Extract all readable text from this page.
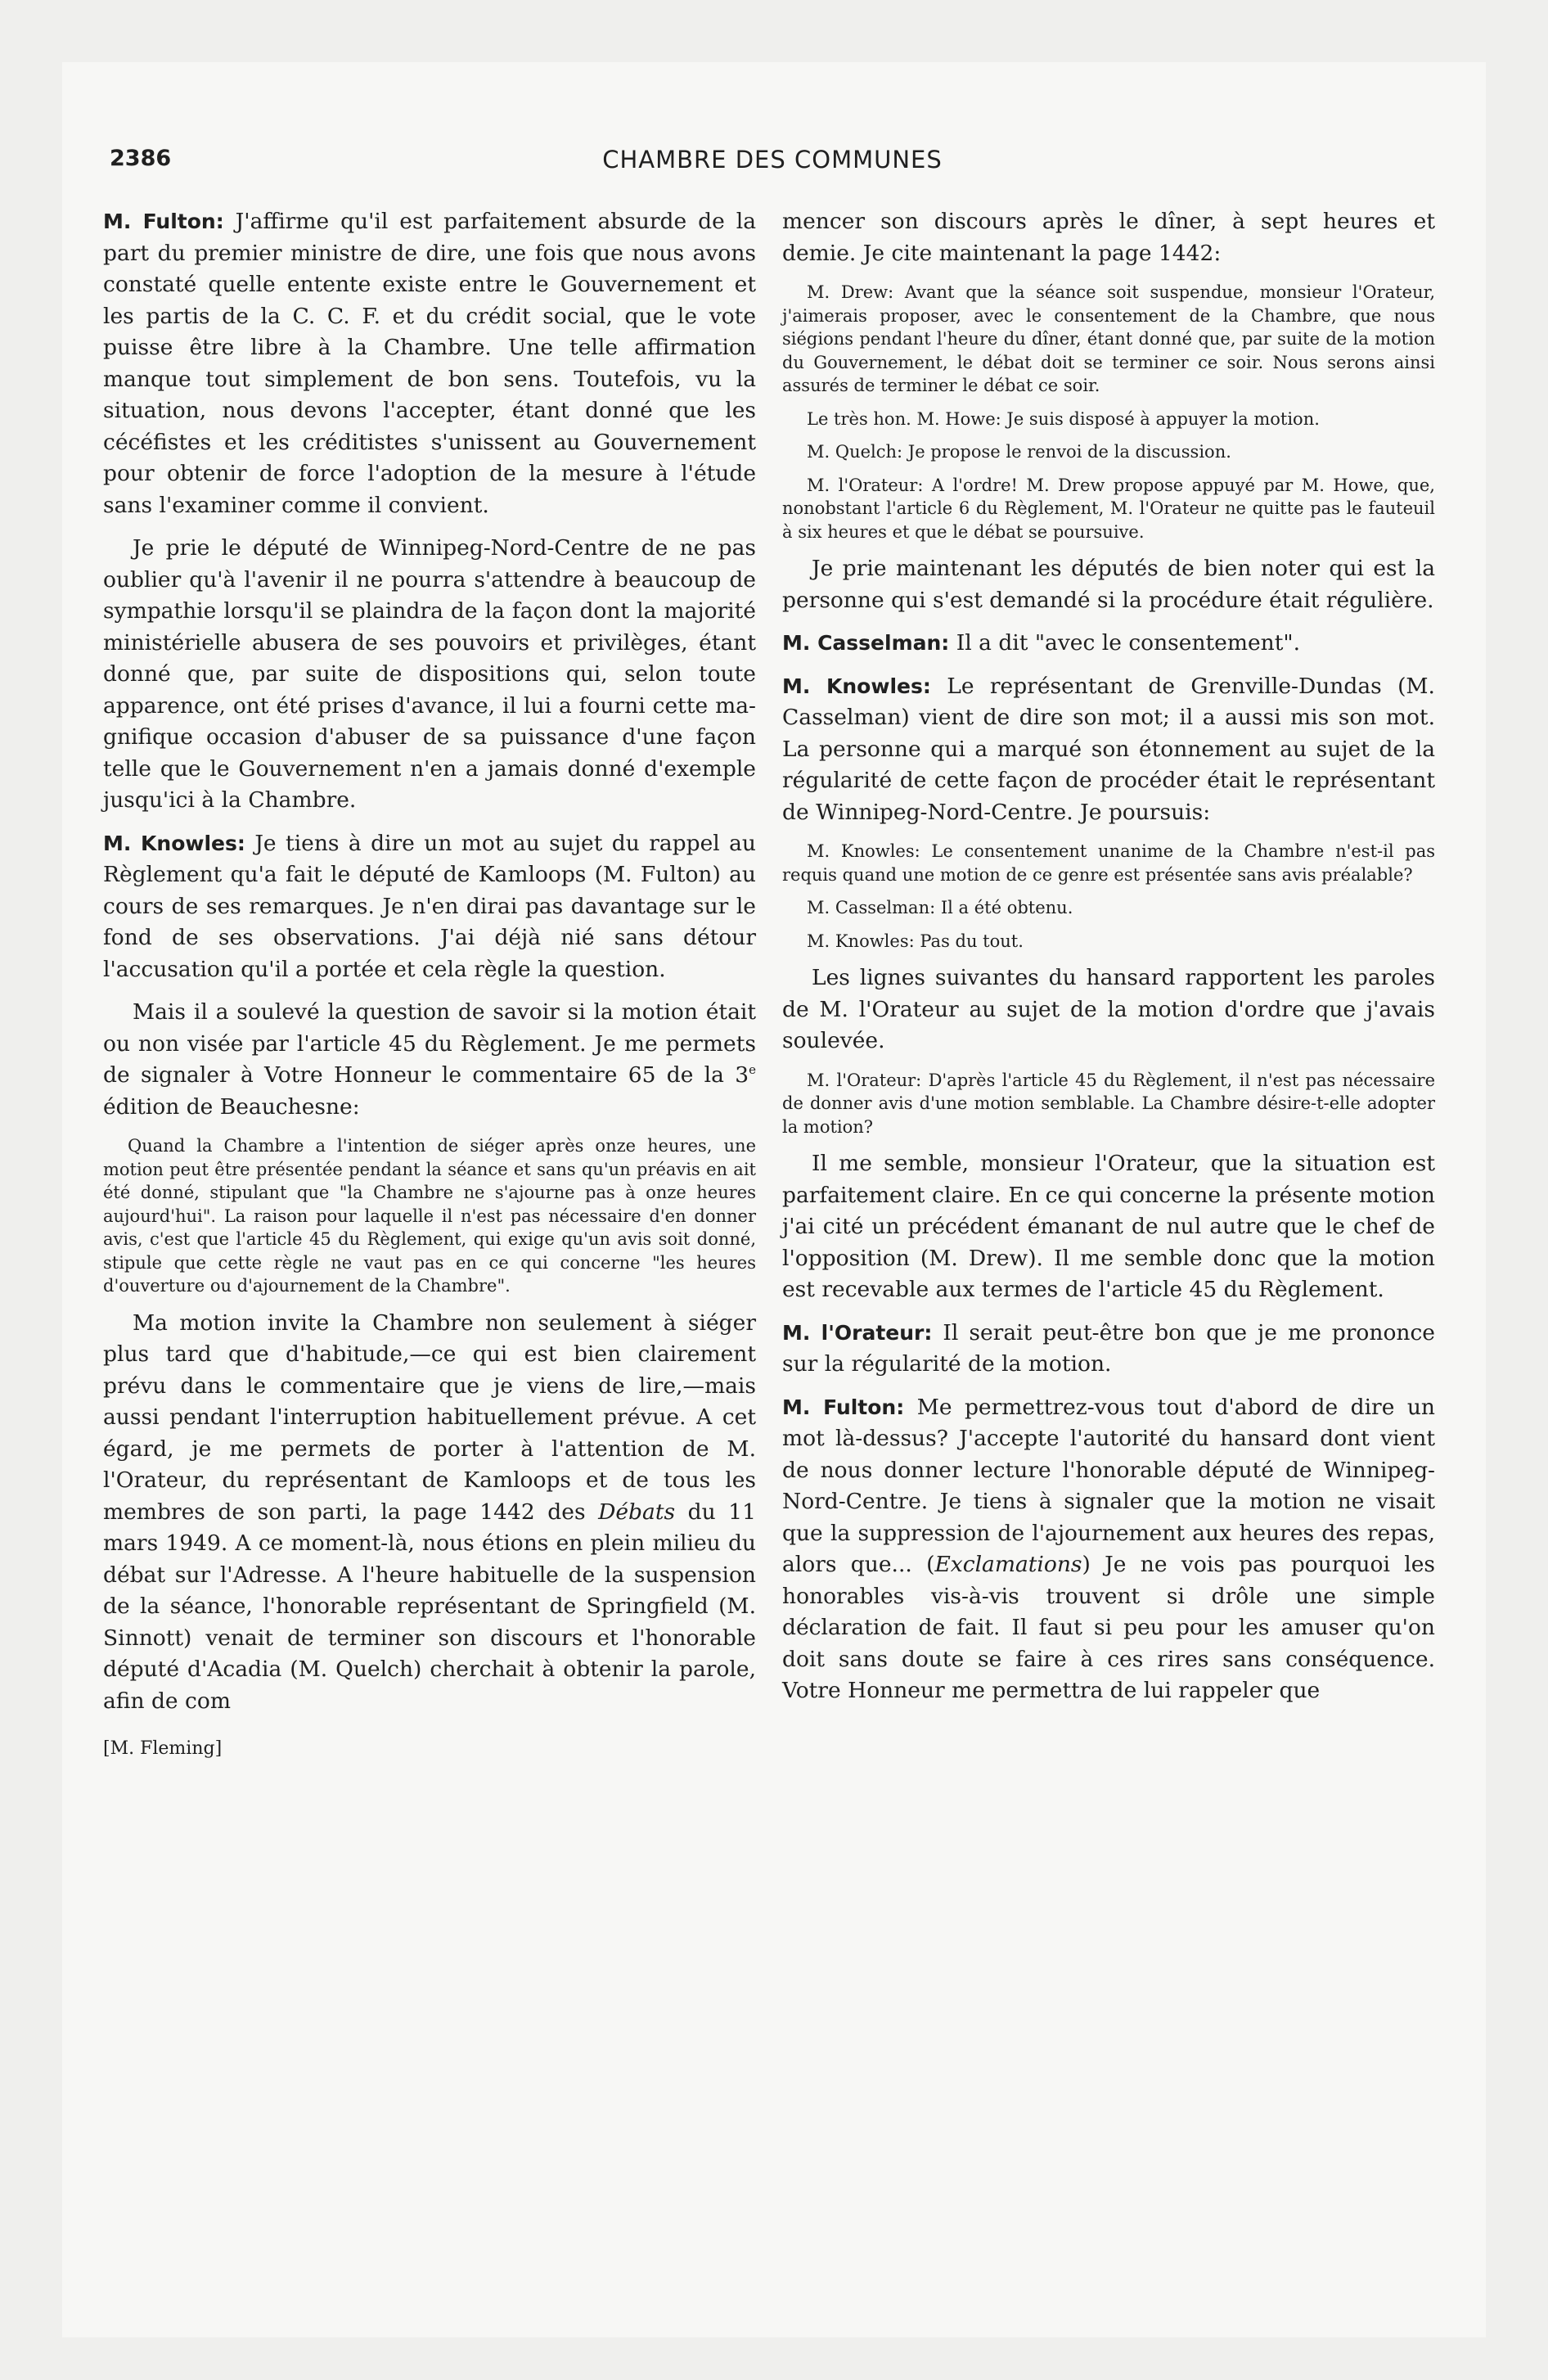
2386	CHAMBRE DES COMMUNES

M. Fulton: J'affirme qu'il est parfaitement absurde de la part du premier ministre de dire, une fois que nous avons constaté quelle entente existe entre le Gouvernement et les partis de la C. C. F. et du crédit social, que le vote puisse être libre à la Chambre. Une telle affirmation manque tout simplement de bon sens. Toutefois, vu la situation, nous devons l'accepter, étant donné que les cécéfistes et les créditistes s'unissent au Gouvernement pour obtenir de force l'adoption de la mesure à l'étude sans l'examiner comme il convient.

Je prie le député de Winnipeg-Nord-Centre de ne pas oublier qu'à l'avenir il ne pourra s'attendre à beaucoup de sympathie lorsqu'il se plaindra de la façon dont la majorité ministérielle abusera de ses pouvoirs et privilèges, étant donné que, par suite de dispositions qui, selon toute apparence, ont été prises d'avance, il lui a fourni cette magnifique occasion d'abuser de sa puissance d'une façon telle que le Gouvernement n'en a jamais donné d'exemple jusqu'ici à la Chambre.

M. Knowles: Je tiens à dire un mot au sujet du rappel au Règlement qu'a fait le député de Kamloops (M. Fulton) au cours de ses remarques. Je n'en dirai pas davantage sur le fond de ses observations. J'ai déjà nié sans détour l'accusation qu'il a portée et cela règle la question.

Mais il a soulevé la question de savoir si la motion était ou non visée par l'article 45 du Règlement. Je me permets de signaler à Votre Honneur le commentaire 65 de la 3e édition de Beauchesne:

Quand la Chambre a l'intention de siéger après onze heures, une motion peut être présentée pendant la séance et sans qu'un préavis en ait été donné, stipulant que "la Chambre ne s'ajourne pas à onze heures aujourd'hui". La raison pour laquelle il n'est pas nécessaire d'en donner avis, c'est que l'article 45 du Règlement, qui exige qu'un avis soit donné, stipule que cette règle ne vaut pas en ce qui concerne "les heures d'ouverture ou d'ajournement de la Chambre".

Ma motion invite la Chambre non seulement à siéger plus tard que d'habitude,—ce qui est bien clairement prévu dans le commentaire que je viens de lire,—mais aussi pendant l'interruption habituellement prévue. A cet égard, je me permets de porter à l'attention de M. l'Orateur, du représentant de Kamloops et de tous les membres de son parti, la page 1442 des Débats du 11 mars 1949. A ce moment-là, nous étions en plein milieu du débat sur l'Adresse. A l'heure habituelle de la suspension de la séance, l'honorable représentant de Springfield (M. Sinnott) venait de terminer son discours et l'honorable député d'Acadia (M. Quelch) cherchait à obtenir la parole, afin de com

[M. Fleming]

mencer son discours après le dîner, à sept heures et demie. Je cite maintenant la page 1442:

M. Drew: Avant que la séance soit suspendue, monsieur l'Orateur, j'aimerais proposer, avec le consentement de la Chambre, que nous siégions pendant l'heure du dîner, étant donné que, par suite de la motion du Gouvernement, le débat doit se terminer ce soir. Nous serons ainsi assurés de terminer le débat ce soir.
Le très hon. M. Howe: Je suis disposé à appuyer la motion.
M. Quelch: Je propose le renvoi de la discussion.
M. l'Orateur: A l'ordre! M. Drew propose appuyé par M. Howe, que, nonobstant l'article 6 du Règlement, M. l'Orateur ne quitte pas le fauteuil à six heures et que le débat se poursuive.

Je prie maintenant les députés de bien noter qui est la personne qui s'est demandé si la procédure était régulière.

M. Casselman: Il a dit "avec le consentement".

M. Knowles: Le représentant de Grenville-Dundas (M. Casselman) vient de dire son mot; il a aussi mis son mot. La personne qui a marqué son étonnement au sujet de la régularité de cette façon de procéder était le représentant de Winnipeg-Nord-Centre. Je poursuis:

M. Knowles: Le consentement unanime de la Chambre n'est-il pas requis quand une motion de ce genre est présentée sans avis préalable?
M. Casselman: Il a été obtenu.
M. Knowles: Pas du tout.

Les lignes suivantes du hansard rapportent les paroles de M. l'Orateur au sujet de la motion d'ordre que j'avais soulevée.

M. l'Orateur: D'après l'article 45 du Règlement, il n'est pas nécessaire de donner avis d'une motion semblable. La Chambre désire-t-elle adopter la motion?

Il me semble, monsieur l'Orateur, que la situation est parfaitement claire. En ce qui concerne la présente motion j'ai cité un précédent émanant de nul autre que le chef de l'opposition (M. Drew). Il me semble donc que la motion est recevable aux termes de l'article 45 du Règlement.

M. l'Orateur: Il serait peut-être bon que je me prononce sur la régularité de la motion.

M. Fulton: Me permettrez-vous tout d'abord de dire un mot là-dessus? J'accepte l'autorité du hansard dont vient de nous donner lecture l'honorable député de Winnipeg-Nord-Centre. Je tiens à signaler que la motion ne visait que la suppression de l'ajournement aux heures des repas, alors que... (Exclamations) Je ne vois pas pourquoi les honorables vis-à-vis trouvent si drôle une simple déclaration de fait. Il faut si peu pour les amuser qu'on doit sans doute se faire à ces rires sans conséquence. Votre Honneur me permettra de lui rappeler que
